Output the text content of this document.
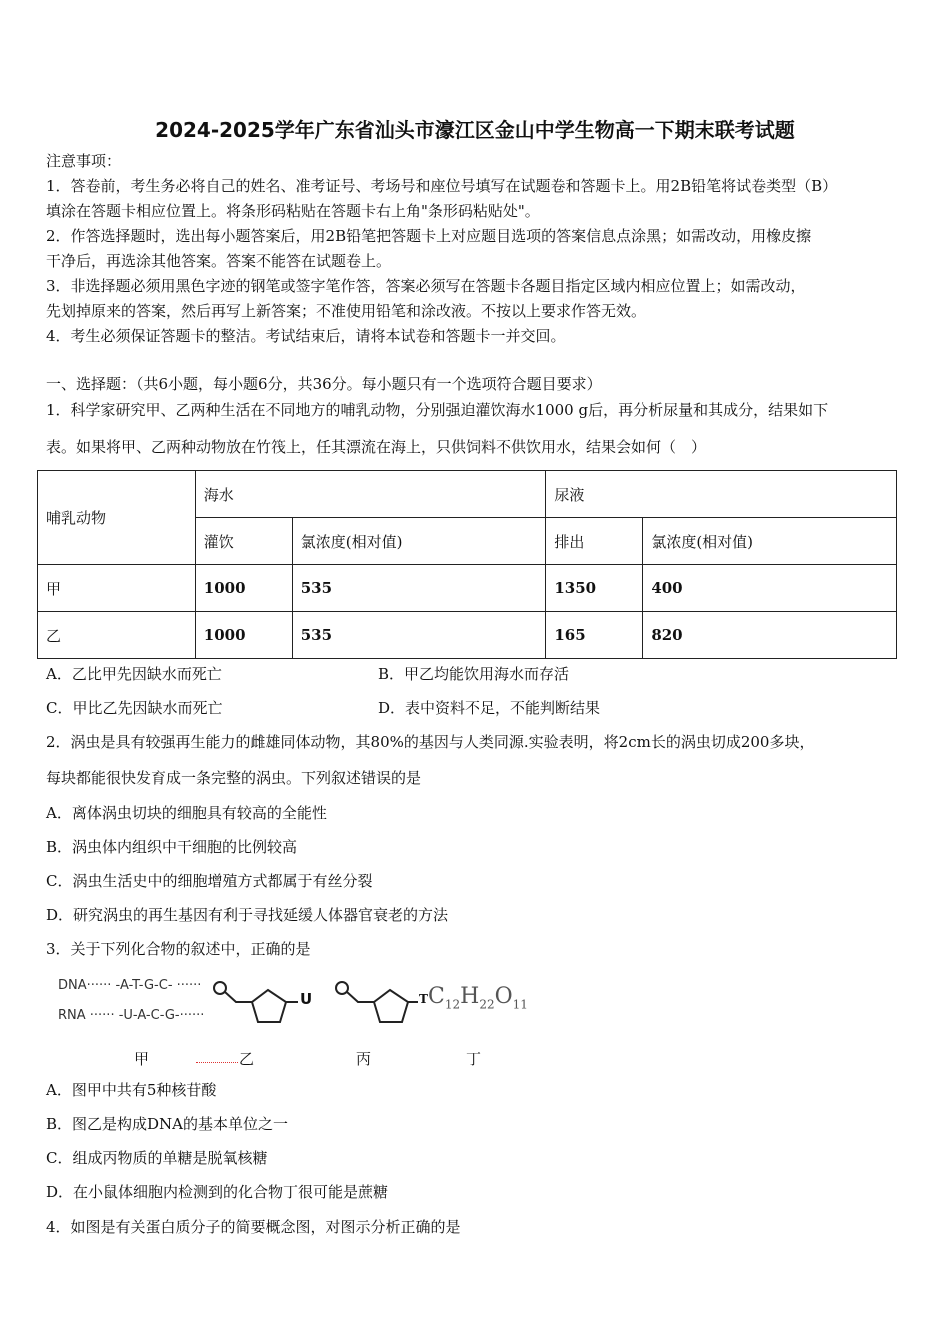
2024-2025学年广东省汕头市濠江区金山中学生物高一下期末联考试题
注意事项：
1．答卷前，考生务必将自己的姓名、准考证号、考场号和座位号填写在试题卷和答题卡上。用2B铅笔将试卷类型（B）
填涂在答题卡相应位置上。将条形码粘贴在答题卡右上角"条形码粘贴处"。
2．作答选择题时，选出每小题答案后，用2B铅笔把答题卡上对应题目选项的答案信息点涂黑；如需改动，用橡皮擦
干净后，再选涂其他答案。答案不能答在试题卷上。
3．非选择题必须用黑色字迹的钢笔或签字笔作答，答案必须写在答题卡各题目指定区域内相应位置上；如需改动，
先划掉原来的答案，然后再写上新答案；不准使用铅笔和涂改液。不按以上要求作答无效。
4．考生必须保证答题卡的整洁。考试结束后，请将本试卷和答题卡一并交回。
一、选择题：（共6小题，每小题6分，共36分。每小题只有一个选项符合题目要求）
1．科学家研究甲、乙两种生活在不同地方的哺乳动物，分别强迫灌饮海水1000 g后，再分析尿量和其成分，结果如下
表。如果将甲、乙两种动物放在竹筏上，任其漂流在海上，只供饲料不供饮用水，结果会如何（　）
哺乳动物	海水		尿液	
	灌饮	氯浓度(相对值)	排出	氯浓度(相对值)
甲	1000	535	1350	400
乙	1000	535	165	820
A．乙比甲先因缺水而死亡	B．甲乙均能饮用海水而存活
C．甲比乙先因缺水而死亡	D．表中资料不足，不能判断结果
2．涡虫是具有较强再生能力的雌雄同体动物，其80%的基因与人类同源.实验表明，将2cm长的涡虫切成200多块，
每块都能很快发育成一条完整的涡虫。下列叙述错误的是
A．离体涡虫切块的细胞具有较高的全能性
B．涡虫体内组织中干细胞的比例较高
C．涡虫生活史中的细胞增殖方式都属于有丝分裂
D．研究涡虫的再生基因有利于寻找延缓人体器官衰老的方法
3．关于下列化合物的叙述中，正确的是
DNA······ -A-T-G-C- ······
RNA ······ -U-A-C-G-······
U	T $C_{12}H_{22}O_{11}$
甲	乙	丙	丁
A．图甲中共有5种核苷酸
B．图乙是构成DNA的基本单位之一
C．组成丙物质的单糖是脱氧核糖
D．在小鼠体细胞内检测到的化合物丁很可能是蔗糖
4．如图是有关蛋白质分子的简要概念图，对图示分析正确的是
